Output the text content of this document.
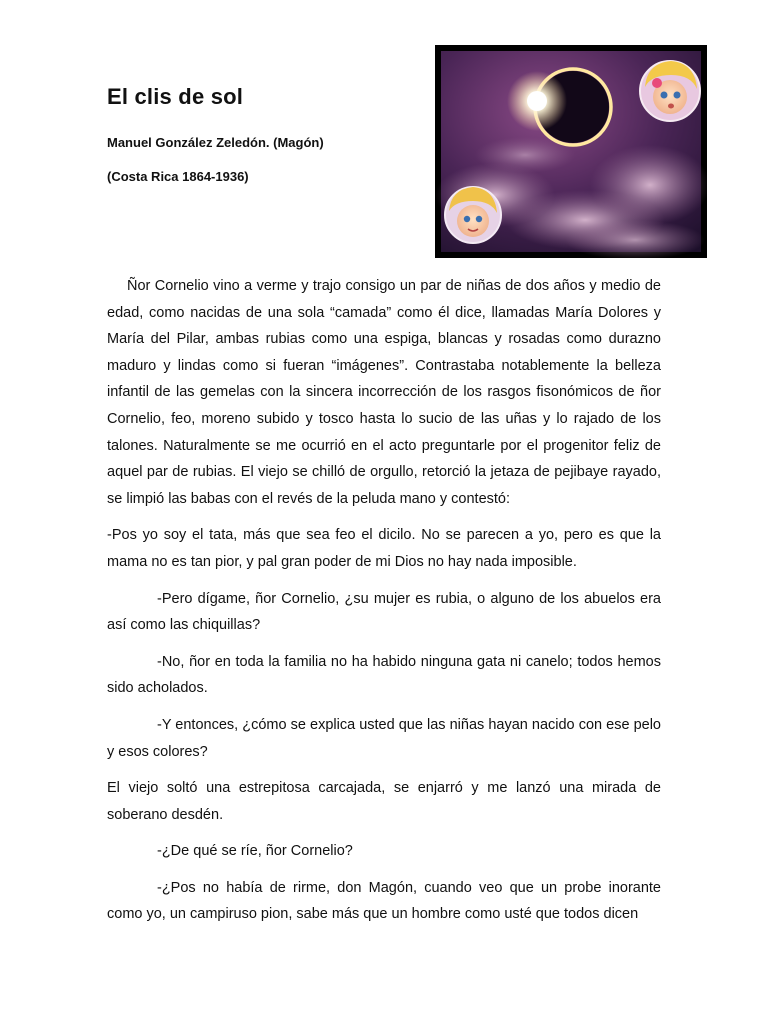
El clis de sol
Manuel González Zeledón. (Magón)
(Costa Rica 1864-1936)

Ñor Cornelio vino a verme y trajo consigo un par de niñas de dos años y medio de edad, como nacidas de una sola “camada” como él dice, llamadas María Dolores y María del Pilar, ambas rubias como una espiga, blancas y rosadas como durazno maduro y lindas como si fueran “imágenes”. Contrastaba notablemente la belleza infantil de las gemelas con la sincera incorrección de los rasgos fisonómicos de ñor Cornelio, feo, moreno subido y tosco hasta lo sucio de las uñas y lo rajado de los talones. Naturalmente se me ocurrió en el acto preguntarle por el progenitor feliz de aquel par de rubias. El viejo se chilló de orgullo, retorció la jetaza de pejibaye rayado, se limpió las babas con el revés de la peluda mano y contestó:

-Pos yo soy el tata, más que sea feo el dicilo. No se parecen a yo, pero es que la mama no es tan pior, y pal gran poder de mi Dios no hay nada imposible.

-Pero dígame, ñor Cornelio, ¿su mujer es rubia, o alguno de los abuelos era así como las chiquillas?

-No, ñor en toda la familia no ha habido ninguna gata ni canelo; todos hemos sido acholados.

-Y entonces, ¿cómo se explica usted que las niñas hayan nacido con ese pelo y esos colores?

El viejo soltó una estrepitosa carcajada, se enjarró y me lanzó una mirada de soberano desdén.

-¿De qué se ríe, ñor Cornelio?

-¿Pos no había de rirme, don Magón, cuando veo que un probe inorante como yo, un campiruso pion, sabe más que un hombre como usté que todos dicen
